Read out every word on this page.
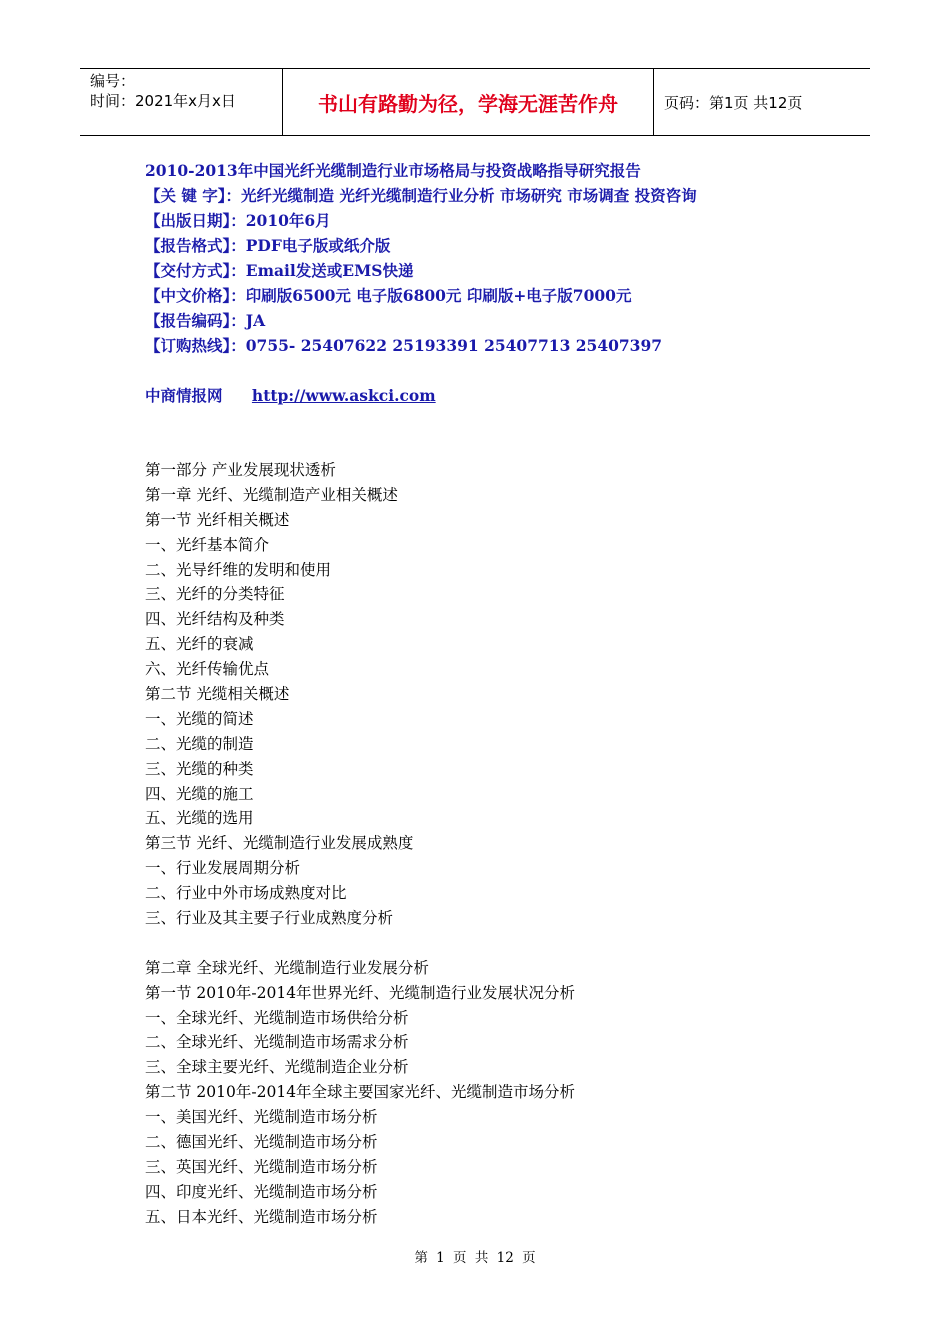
编号：
时间：2021年x月x日	书山有路勤为径，学海无涯苦作舟	页码：第1页 共12页
2010-2013年中国光纤光缆制造行业市场格局与投资战略指导研究报告
【关 键 字】：光纤光缆制造 光纤光缆制造行业分析 市场研究 市场调查 投资咨询
【出版日期】：2010年6月
【报告格式】：PDF电子版或纸介版
【交付方式】：Email发送或EMS快递
【中文价格】：印刷版6500元 电子版6800元 印刷版+电子版7000元
【报告编码】：JA
【订购热线】：0755- 25407622 25193391 25407713 25407397
中商情报网 http://www.askci.com
第一部分 产业发展现状透析
第一章 光纤、光缆制造产业相关概述
第一节 光纤相关概述
一、光纤基本简介
二、光导纤维的发明和使用
三、光纤的分类特征
四、光纤结构及种类
五、光纤的衰减
六、光纤传输优点
第二节 光缆相关概述
一、光缆的简述
二、光缆的制造
三、光缆的种类
四、光缆的施工
五、光缆的选用
第三节 光纤、光缆制造行业发展成熟度
一、行业发展周期分析
二、行业中外市场成熟度对比
三、行业及其主要子行业成熟度分析
第二章 全球光纤、光缆制造行业发展分析
第一节 2010年-2014年世界光纤、光缆制造行业发展状况分析
一、全球光纤、光缆制造市场供给分析
二、全球光纤、光缆制造市场需求分析
三、全球主要光纤、光缆制造企业分析
第二节 2010年-2014年全球主要国家光纤、光缆制造市场分析
一、美国光纤、光缆制造市场分析
二、德国光纤、光缆制造市场分析
三、英国光纤、光缆制造市场分析
四、印度光纤、光缆制造市场分析
五、日本光纤、光缆制造市场分析
第 1 页 共 12 页
